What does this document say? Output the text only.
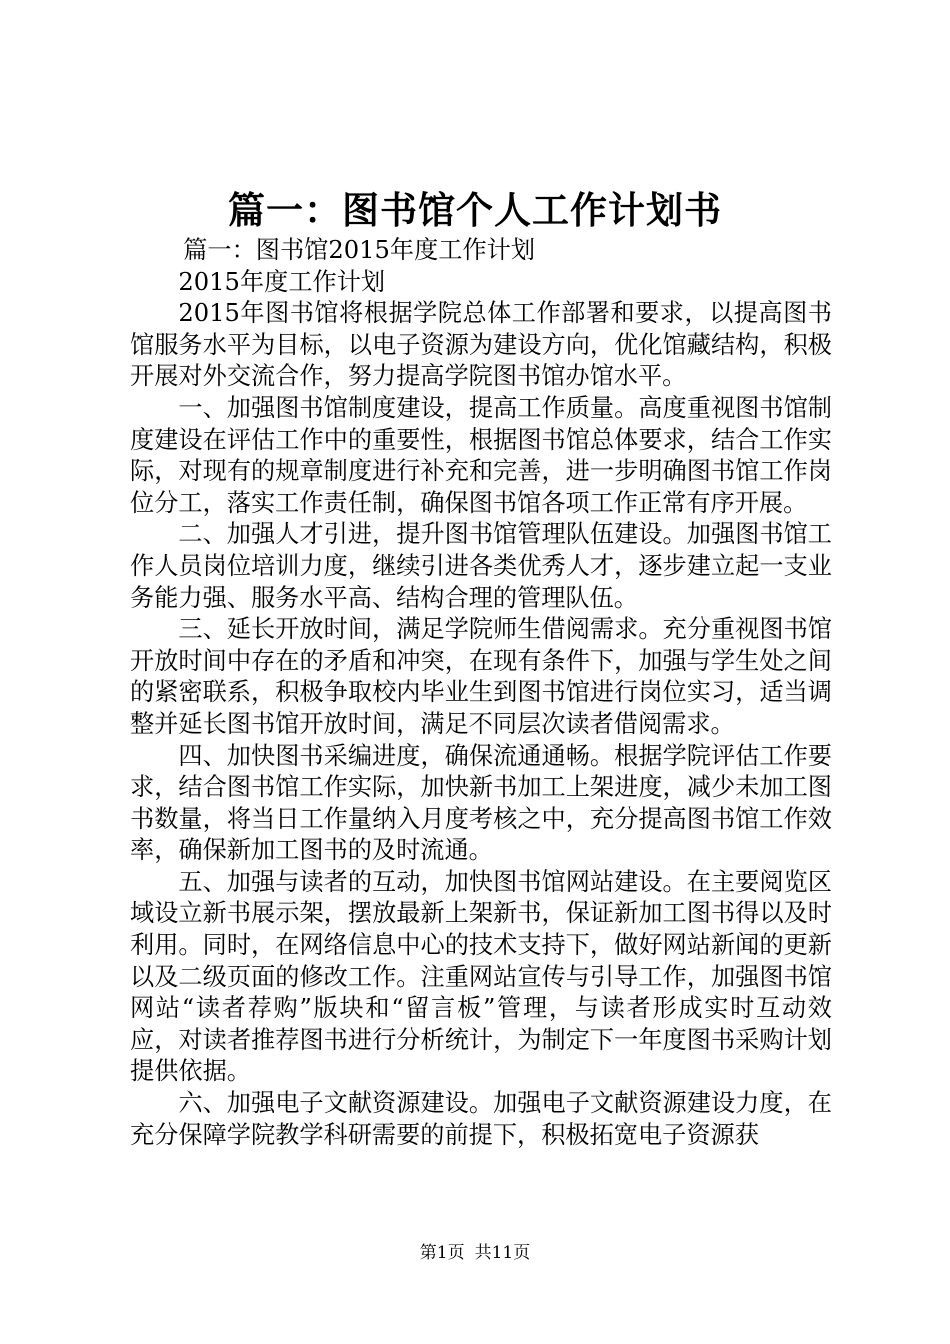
篇一：图书馆个人工作计划书

篇一：图书馆2015年度工作计划

2015年度工作计划

2015年图书馆将根据学院总体工作部署和要求，以提高图书馆服务水平为目标，以电子资源为建设方向，优化馆藏结构，积极开展对外交流合作，努力提高学院图书馆办馆水平。

一、加强图书馆制度建设，提高工作质量。高度重视图书馆制度建设在评估工作中的重要性，根据图书馆总体要求，结合工作实际，对现有的规章制度进行补充和完善，进一步明确图书馆工作岗位分工，落实工作责任制，确保图书馆各项工作正常有序开展。

二、加强人才引进，提升图书馆管理队伍建设。加强图书馆工作人员岗位培训力度，继续引进各类优秀人才，逐步建立起一支业务能力强、服务水平高、结构合理的管理队伍。

三、延长开放时间，满足学院师生借阅需求。充分重视图书馆开放时间中存在的矛盾和冲突，在现有条件下，加强与学生处之间的紧密联系，积极争取校内毕业生到图书馆进行岗位实习，适当调整并延长图书馆开放时间，满足不同层次读者借阅需求。

四、加快图书采编进度，确保流通通畅。根据学院评估工作要求，结合图书馆工作实际，加快新书加工上架进度，减少未加工图书数量，将当日工作量纳入月度考核之中，充分提高图书馆工作效率，确保新加工图书的及时流通。

五、加强与读者的互动，加快图书馆网站建设。在主要阅览区域设立新书展示架，摆放最新上架新书，保证新加工图书得以及时利用。同时，在网络信息中心的技术支持下，做好网站新闻的更新以及二级页面的修改工作。注重网站宣传与引导工作，加强图书馆网站“读者荐购”版块和“留言板”管理，与读者形成实时互动效应，对读者推荐图书进行分析统计，为制定下一年度图书采购计划提供依据。

六、加强电子文献资源建设。加强电子文献资源建设力度，在充分保障学院教学科研需要的前提下，积极拓宽电子资源获

第1页 共11页
